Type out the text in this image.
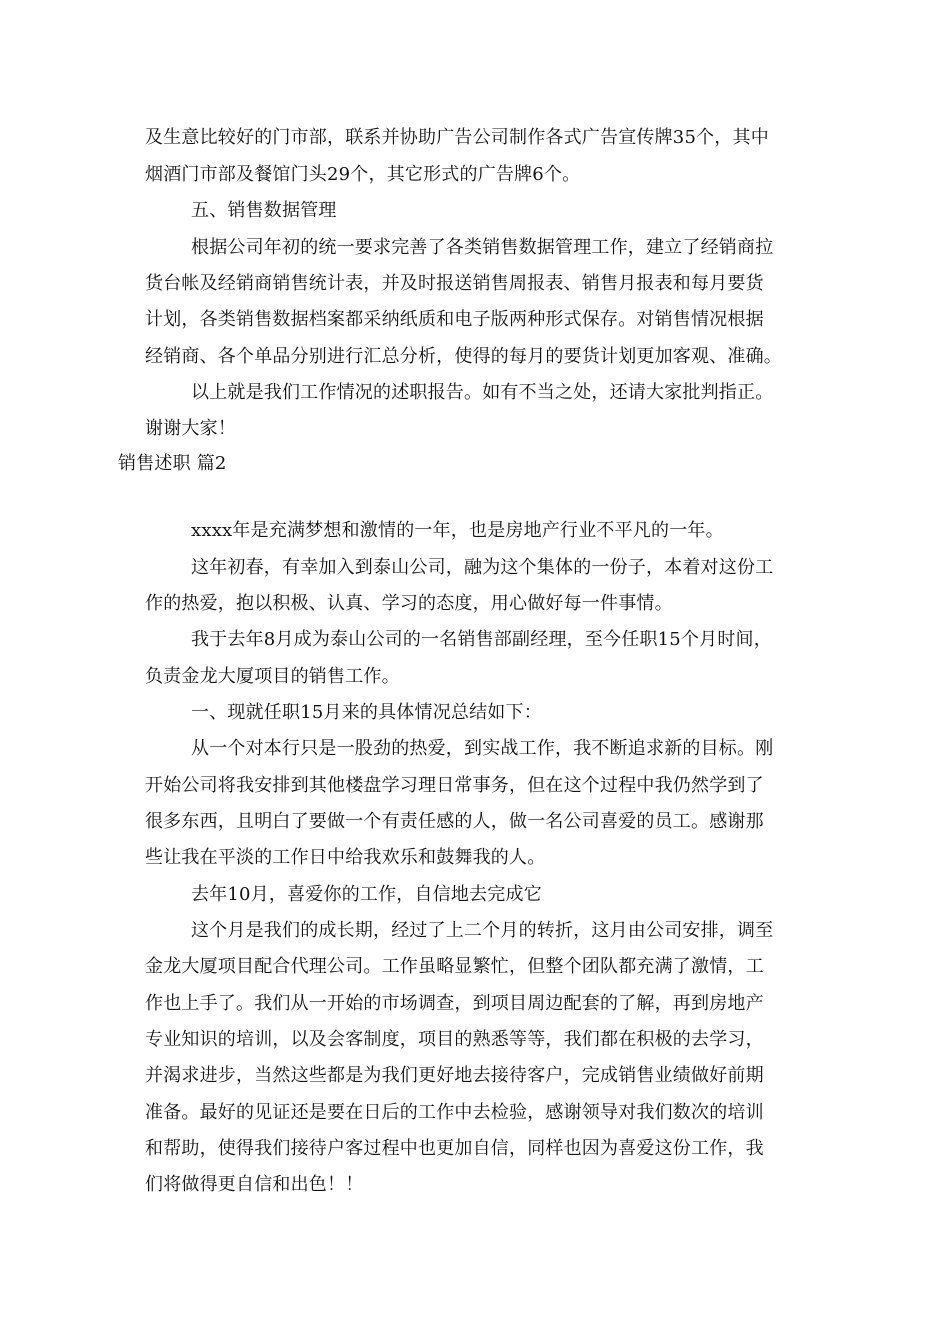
及生意比较好的门市部，联系并协助广告公司制作各式广告宣传牌35个，其中
烟酒门市部及餐馆门头29个，其它形式的广告牌6个。
五、销售数据管理
根据公司年初的统一要求完善了各类销售数据管理工作，建立了经销商拉
货台帐及经销商销售统计表，并及时报送销售周报表、销售月报表和每月要货
计划，各类销售数据档案都采纳纸质和电子版两种形式保存。对销售情况根据
经销商、各个单品分别进行汇总分析，使得的每月的要货计划更加客观、准确。
以上就是我们工作情况的述职报告。如有不当之处，还请大家批判指正。
谢谢大家！
销售述职 篇2
xxxx年是充满梦想和激情的一年，也是房地产行业不平凡的一年。
这年初春，有幸加入到泰山公司，融为这个集体的一份子，本着对这份工
作的热爱，抱以积极、认真、学习的态度，用心做好每一件事情。
我于去年8月成为泰山公司的一名销售部副经理，至今任职15个月时间，
负责金龙大厦项目的销售工作。
一、现就任职15月来的具体情况总结如下：
从一个对本行只是一股劲的热爱，到实战工作，我不断追求新的目标。刚
开始公司将我安排到其他楼盘学习理日常事务，但在这个过程中我仍然学到了
很多东西，且明白了要做一个有责任感的人，做一名公司喜爱的员工。感谢那
些让我在平淡的工作日中给我欢乐和鼓舞我的人。
去年10月，喜爱你的工作，自信地去完成它
这个月是我们的成长期，经过了上二个月的转折，这月由公司安排，调至
金龙大厦项目配合代理公司。工作虽略显繁忙，但整个团队都充满了激情，工
作也上手了。我们从一开始的市场调查，到项目周边配套的了解，再到房地产
专业知识的培训，以及会客制度，项目的熟悉等等，我们都在积极的去学习，
并渴求进步，当然这些都是为我们更好地去接待客户，完成销售业绩做好前期
准备。最好的见证还是要在日后的工作中去检验，感谢领导对我们数次的培训
和帮助，使得我们接待户客过程中也更加自信，同样也因为喜爱这份工作，我
们将做得更自信和出色！！
